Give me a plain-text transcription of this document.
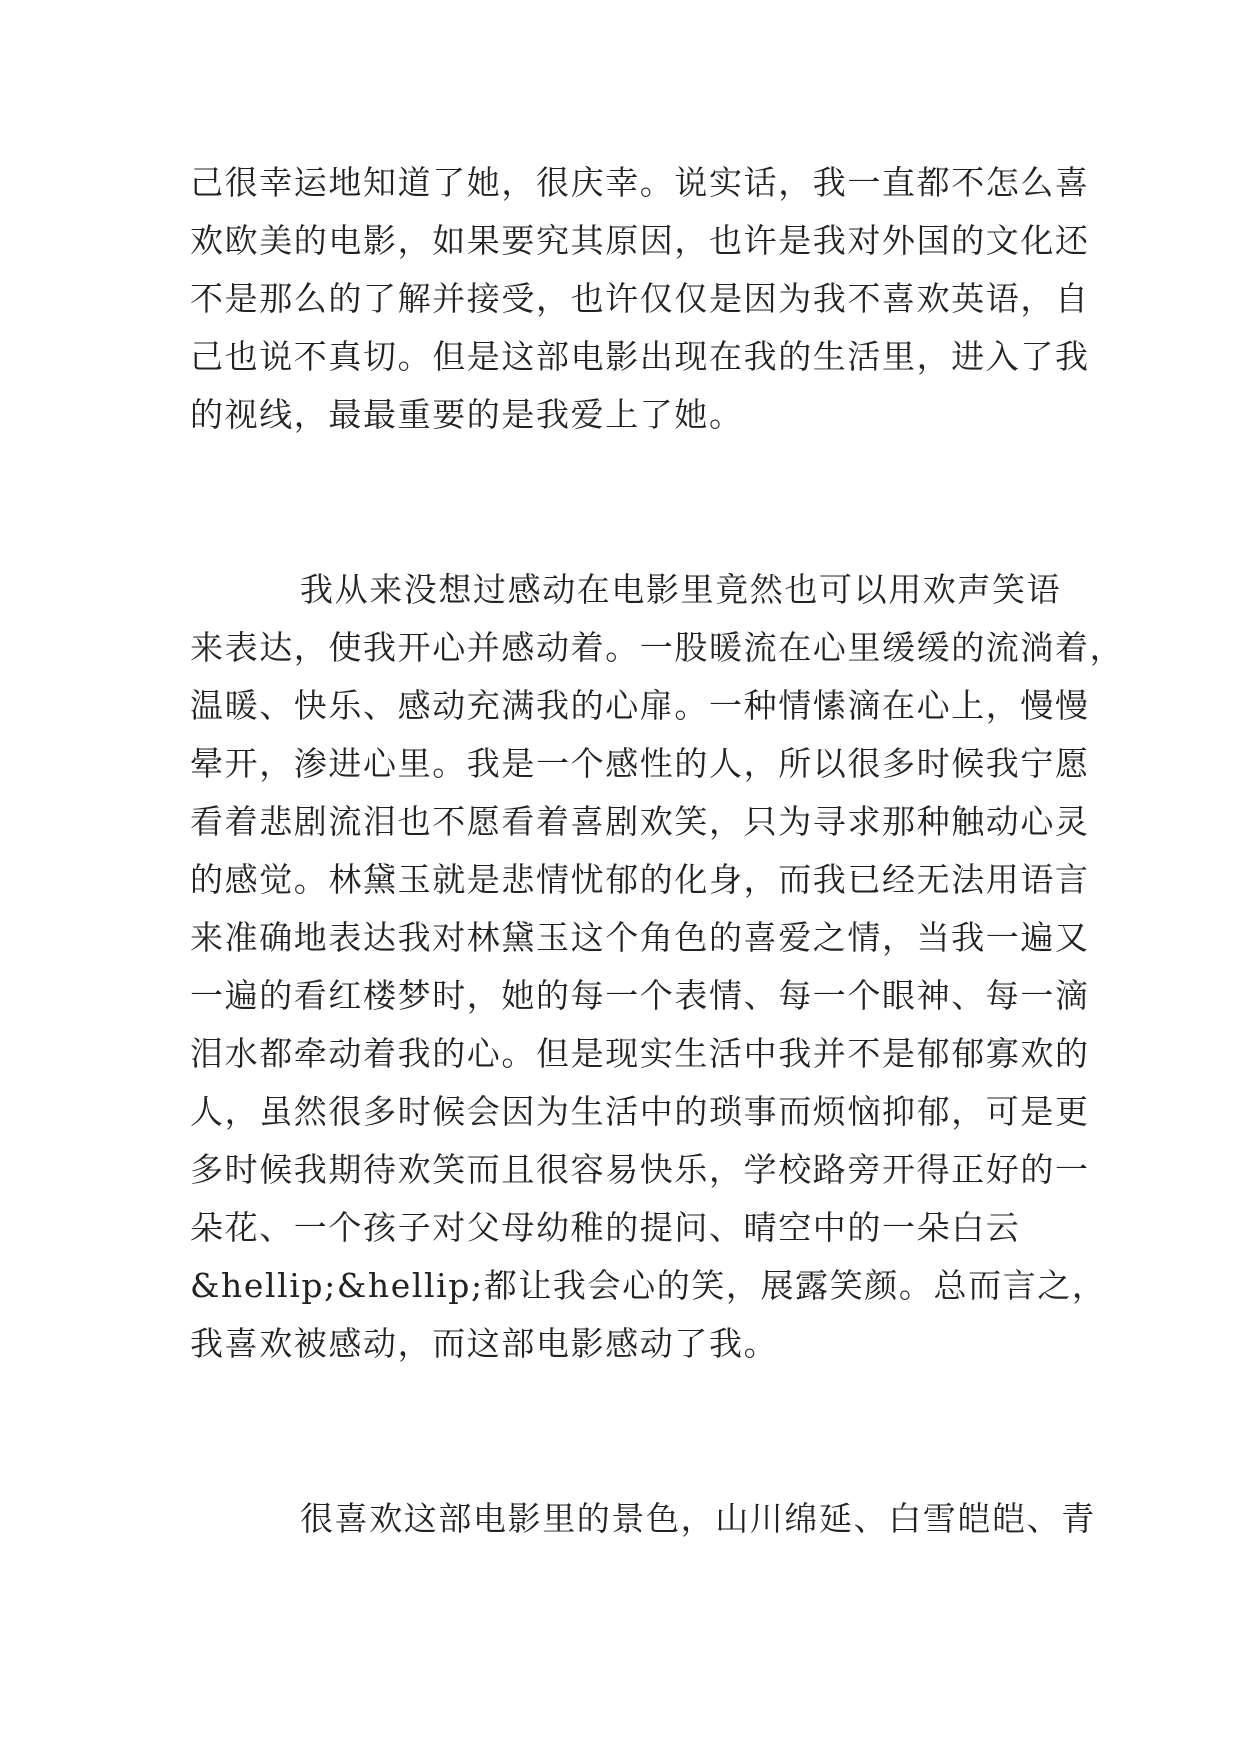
己很幸运地知道了她，很庆幸。说实话，我一直都不怎么喜
欢欧美的电影，如果要究其原因，也许是我对外国的文化还
不是那么的了解并接受，也许仅仅是因为我不喜欢英语，自
己也说不真切。但是这部电影出现在我的生活里，进入了我
的视线，最最重要的是我爱上了她。
我从来没想过感动在电影里竟然也可以用欢声笑语
来表达，使我开心并感动着。一股暖流在心里缓缓的流淌着，
温暖、快乐、感动充满我的心扉。一种情愫滴在心上，慢慢
晕开，渗进心里。我是一个感性的人，所以很多时候我宁愿
看着悲剧流泪也不愿看着喜剧欢笑，只为寻求那种触动心灵
的感觉。林黛玉就是悲情忧郁的化身，而我已经无法用语言
来准确地表达我对林黛玉这个角色的喜爱之情，当我一遍又
一遍的看红楼梦时，她的每一个表情、每一个眼神、每一滴
泪水都牵动着我的心。但是现实生活中我并不是郁郁寡欢的
人，虽然很多时候会因为生活中的琐事而烦恼抑郁，可是更
多时候我期待欢笑而且很容易快乐，学校路旁开得正好的一
朵花、一个孩子对父母幼稚的提问、晴空中的一朵白云
&hellip;&hellip;都让我会心的笑，展露笑颜。总而言之，
我喜欢被感动，而这部电影感动了我。
很喜欢这部电影里的景色，山川绵延、白雪皑皑、青
